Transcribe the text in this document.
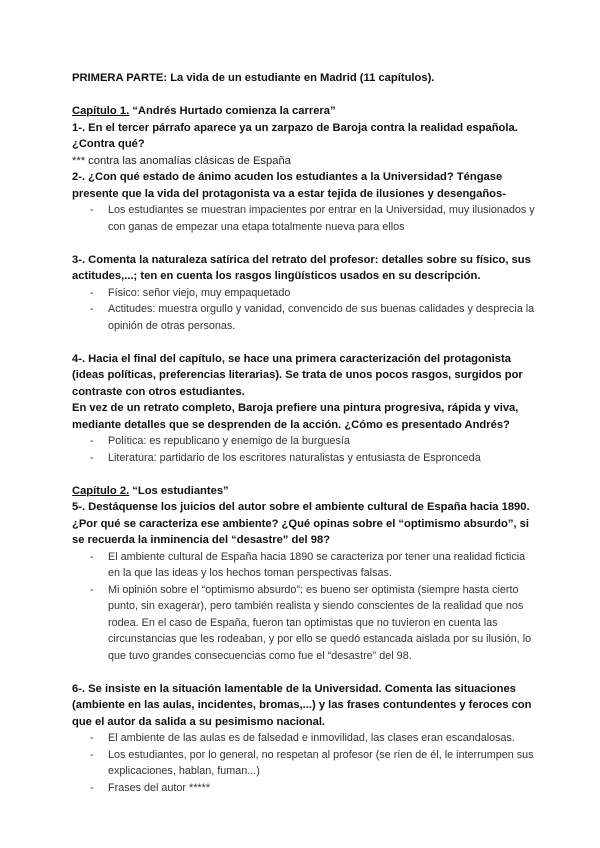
PRIMERA PARTE: La vida de un estudiante en Madrid (11 capítulos).

Capítulo 1. “Andrés Hurtado comienza la carrera”

1-. En el tercer párrafo aparece ya un zarpazo de Baroja contra la realidad española. ¿Contra qué?

*** contra las anomalías clásicas de España

2-. ¿Con qué estado de ánimo acuden los estudiantes a la Universidad? Téngase presente que la vida del protagonista va a estar tejida de ilusiones y desengaños-

- Los estudiantes se muestran impacientes por entrar en la Universidad, muy ilusionados y con ganas de empezar una etapa totalmente nueva para ellos

3-. Comenta la naturaleza satírica del retrato del profesor: detalles sobre su físico, sus actitudes,...; ten en cuenta los rasgos lingüísticos usados en su descripción.

- Físico: señor viejo, muy empaquetado
- Actitudes: muestra orgullo y vanidad, convencido de sus buenas calidades y desprecia la opinión de otras personas.

4-. Hacia el final del capítulo, se hace una primera caracterización del protagonista (ideas políticas, preferencias literarias). Se trata de unos pocos rasgos, surgidos por contraste con otros estudiantes.

En vez de un retrato completo, Baroja prefiere una pintura progresiva, rápida y viva, mediante detalles que se desprenden de la acción. ¿Cómo es presentado Andrés?

- Política: es republicano y enemigo de la burguesía
- Literatura: partidario de los escritores naturalistas y entusiasta de Espronceda

Capítulo 2. “Los estudiantes”

5-. Destáquense los juicios del autor sobre el ambiente cultural de España hacia 1890. ¿Por qué se caracteriza ese ambiente? ¿Qué opinas sobre el “optimismo absurdo”, si se recuerda la inminencia del “desastre” del 98?

- El ambiente cultural de España hacia 1890 se caracteriza por tener una realidad ficticia en la que las ideas y los hechos toman perspectivas falsas.
- Mi opinión sobre el “optimismo absurdo”: es bueno ser optimista (siempre hasta cierto punto, sin exagerar), pero también realista y siendo conscientes de la realidad que nos rodea. En el caso de España, fueron tan optimistas que no tuvieron en cuenta las circunstancias que les rodeaban, y por ello se quedó estancada aislada por su ilusión, lo que tuvo grandes consecuencias como fue el “desastre” del 98.

6-. Se insiste en la situación lamentable de la Universidad. Comenta las situaciones (ambiente en las aulas, incidentes, bromas,...) y las frases contundentes y feroces con que el autor da salida a su pesimismo nacional.

- El ambiente de las aulas es de falsedad e inmovilidad, las clases eran escandalosas.
- Los estudiantes, por lo general, no respetan al profesor (se ríen de él, le interrumpen sus explicaciones, hablan, fuman...)
- Frases del autor *****
